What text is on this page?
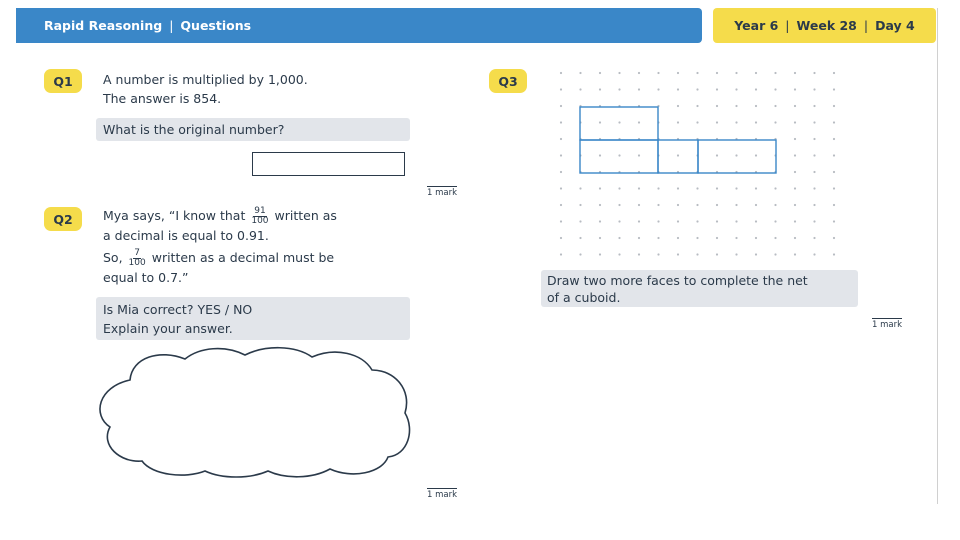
Rapid Reasoning | Questions	Year 6 | Week 28 | Day 4
Q1	A number is multiplied by 1,000.
The answer is 854.
What is the original number?
1 mark
Q2	Mya says, “I know that $\frac{91}{100}$ written as
a decimal is equal to 0.91.
So, $\frac{7}{100}$ written as a decimal must be
equal to 0.7.”
Is Mia correct? YES / NO
Explain your answer.
1 mark
Q3
Draw two more faces to complete the net
of a cuboid.
1 mark
